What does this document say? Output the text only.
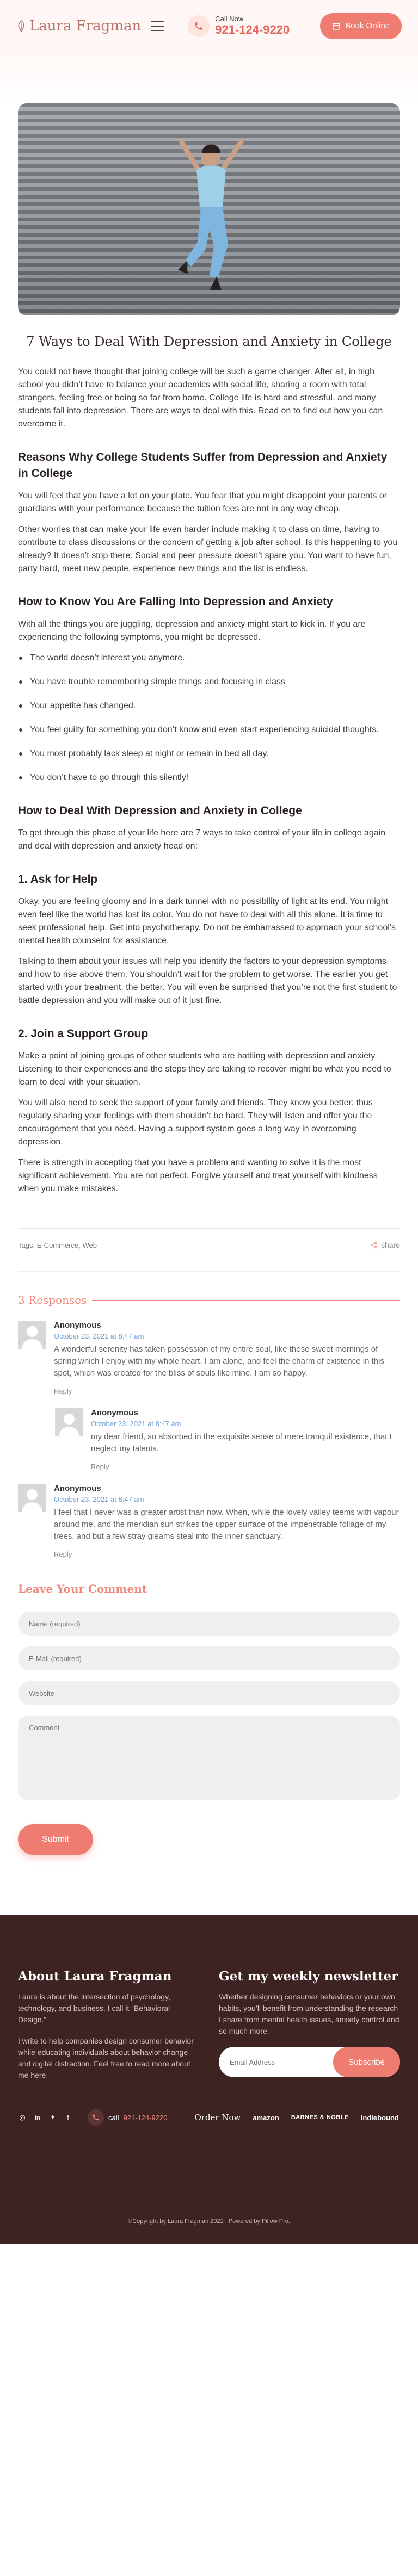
Laura Fragman	Call Now
921-124-9220	Book Online
7 Ways to Deal With Depression and Anxiety in College

You could not have thought that joining college will be such a game changer. After all, in high school you didn’t have to balance your academics with social life, sharing a room with total strangers, feeling free or being so far from home. College life is hard and stressful, and many students fall into depression. There are ways to deal with this. Read on to find out how you can overcome it.

Reasons Why College Students Suffer from Depression and Anxiety in College

You will feel that you have a lot on your plate. You fear that you might disappoint your parents or guardians with your performance because the tuition fees are not in any way cheap.

Other worries that can make your life even harder include making it to class on time, having to contribute to class discussions or the concern of getting a job after school. Is this happening to you already? It doesn’t stop there. Social and peer pressure doesn’t spare you. You want to have fun, party hard, meet new people, experience new things and the list is endless.

How to Know You Are Falling Into Depression and Anxiety

With all the things you are juggling, depression and anxiety might start to kick in. If you are experiencing the following symptoms, you might be depressed.

The world doesn’t interest you anymore.
You have trouble remembering simple things and focusing in class
Your appetite has changed.
You feel guilty for something you don’t know and even start experiencing suicidal thoughts.
You most probably lack sleep at night or remain in bed all day.
You don’t have to go through this silently!
How to Deal With Depression and Anxiety in College

To get through this phase of your life here are 7 ways to take control of your life in college again and deal with depression and anxiety head on:

1. Ask for Help

Okay, you are feeling gloomy and in a dark tunnel with no possibility of light at its end. You might even feel like the world has lost its color. You do not have to deal with all this alone. It is time to seek professional help. Get into psychotherapy. Do not be embarrassed to approach your school’s mental health counselor for assistance.

Talking to them about your issues will help you identify the factors to your depression symptoms and how to rise above them. You shouldn’t wait for the problem to get worse. The earlier you get started with your treatment, the better. You will even be surprised that you’re not the first student to battle depression and you will make out of it just fine.

2. Join a Support Group

Make a point of joining groups of other students who are battling with depression and anxiety. Listening to their experiences and the steps they are taking to recover might be what you need to learn to deal with your situation.

You will also need to seek the support of your family and friends. They know you better; thus regularly sharing your feelings with them shouldn’t be hard. They will listen and offer you the encouragement that you need. Having a support system goes a long way in overcoming depression.

There is strength in accepting that you have a problem and wanting to solve it is the most significant achievement. You are not perfect. Forgive yourself and treat yourself with kindness when you make mistakes.

Tags: E-Commerce, Web	share
3 Responses
Anonymous
October 23, 2021 at 8:47 am
A wonderful serenity has taken possession of my entire soul, like these sweet mornings of spring which I enjoy with my whole heart. I am alone, and feel the charm of existence in this spot, which was created for the bliss of souls like mine. I am so happy.
Reply
Anonymous
October 23, 2021 at 8:47 am
my dear friend, so absorbed in the exquisite sense of mere tranquil existence, that I neglect my talents.
Reply
Anonymous
October 23, 2021 at 8:47 am
I feel that I never was a greater artist than now. When, while the lovely valley teems with vapour around me, and the meridian sun strikes the upper surface of the impenetrable foliage of my trees, and but a few stray gleams steal into the inner sanctuary.
Reply
Leave Your Comment
Name (required) E-Mail (required) Website Comment Submit
About Laura Fragman

Laura is about the intersection of psychology, technology, and business. I call it “Behavioral Design.”

I write to help companies design consumer behavior while educating individuals about behavior change and digital distraction. Feel free to read more about me here.

Get my weekly newsletter

Whether designing consumer behaviors or your own habits, you’ll benefit from understanding the research I share from mental health issues, anxiety control and so much more.

Email Address
Subscribe
◎ in ✦	f	call 921-124-9220	Order Now amazon BARNES & NOBLE indiebound
©Copyright by Laura Fragman 2021 . Powered by Pillow Pro.
